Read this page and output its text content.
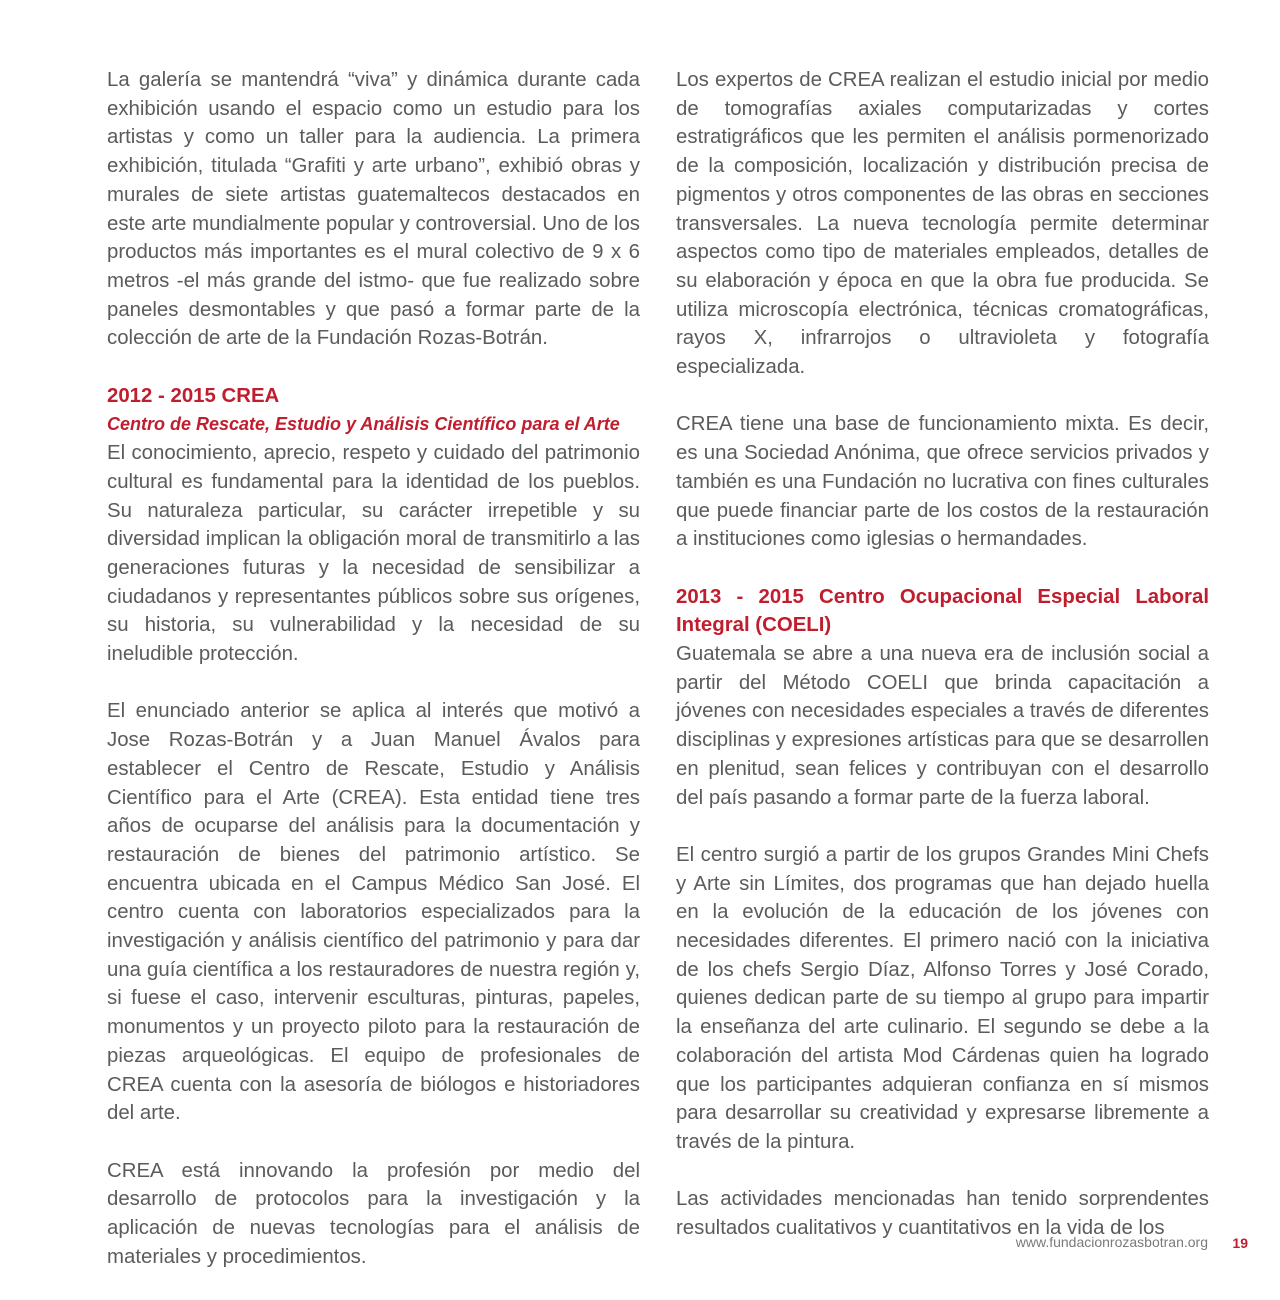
La galería se mantendrá “viva” y dinámica durante cada exhibición usando el espacio como un estudio para los artistas y como un taller para la audiencia. La primera exhibición, titulada “Grafiti y arte urbano”, exhibió obras y murales de siete artistas guatemaltecos destacados en este arte mundialmente popular y controversial. Uno de los productos más importantes es el mural colectivo de 9 x 6 metros -el más grande del istmo- que fue realizado sobre paneles desmontables y que pasó a formar parte de la colección de arte de la Fundación Rozas-Botrán.

2012 - 2015 CREA
Centro de Rescate, Estudio y Análisis Científico para el Arte

El conocimiento, aprecio, respeto y cuidado del patrimonio cultural es fundamental para la identidad de los pueblos. Su naturaleza particular, su carácter irrepetible y su diversidad implican la obligación moral de transmitirlo a las generaciones futuras y la necesidad de sensibilizar a ciudadanos y representantes públicos sobre sus orígenes, su historia, su vulnerabilidad y la necesidad de su ineludible protección.

El enunciado anterior se aplica al interés que motivó a Jose Rozas-Botrán y a Juan Manuel Ávalos para establecer el Centro de Rescate, Estudio y Análisis Científico para el Arte (CREA). Esta entidad tiene tres años de ocuparse del análisis para la documentación y restauración de bienes del patrimonio artístico. Se encuentra ubicada en el Campus Médico San José. El centro cuenta con laboratorios especializados para la investigación y análisis científico del patrimonio y para dar una guía científica a los restauradores de nuestra región y, si fuese el caso, intervenir esculturas, pinturas, papeles, monumentos y un proyecto piloto para la restauración de piezas arqueológicas. El equipo de profesionales de CREA cuenta con la asesoría de biólogos e historiadores del arte.

CREA está innovando la profesión por medio del desarrollo de protocolos para la investigación y la aplicación de nuevas tecnologías para el análisis de materiales y procedimientos.

Los expertos de CREA realizan el estudio inicial por medio de tomografías axiales computarizadas y cortes estratigráficos que les permiten el análisis pormenorizado de la composición, localización y distribución precisa de pigmentos y otros componentes de las obras en secciones transversales. La nueva tecnología permite determinar aspectos como tipo de materiales empleados, detalles de su elaboración y época en que la obra fue producida. Se utiliza microscopía electrónica, técnicas cromatográficas, rayos X, infrarrojos o ultravioleta y fotografía especializada.

CREA tiene una base de funcionamiento mixta. Es decir, es una Sociedad Anónima, que ofrece servicios privados y también es una Fundación no lucrativa con fines culturales que puede financiar parte de los costos de la restauración a instituciones como iglesias o hermandades.

2013 - 2015 Centro Ocupacional Especial Laboral Integral (COELI)

Guatemala se abre a una nueva era de inclusión social a partir del Método COELI que brinda capacitación a jóvenes con necesidades especiales a través de diferentes disciplinas y expresiones artísticas para que se desarrollen en plenitud, sean felices y contribuyan con el desarrollo del país pasando a formar parte de la fuerza laboral.

El centro surgió a partir de los grupos Grandes Mini Chefs y Arte sin Límites, dos programas que han dejado huella en la evolución de la educación de los jóvenes con necesidades diferentes. El primero nació con la iniciativa de los chefs Sergio Díaz, Alfonso Torres y José Corado, quienes dedican parte de su tiempo al grupo para impartir la enseñanza del arte culinario. El segundo se debe a la colaboración del artista Mod Cárdenas quien ha logrado que los participantes adquieran confianza en sí mismos para desarrollar su creatividad y expresarse libremente a través de la pintura.

Las actividades mencionadas han tenido sorprendentes resultados cualitativos y cuantitativos en la vida de los

www.fundacionrozasbotran.org 19
